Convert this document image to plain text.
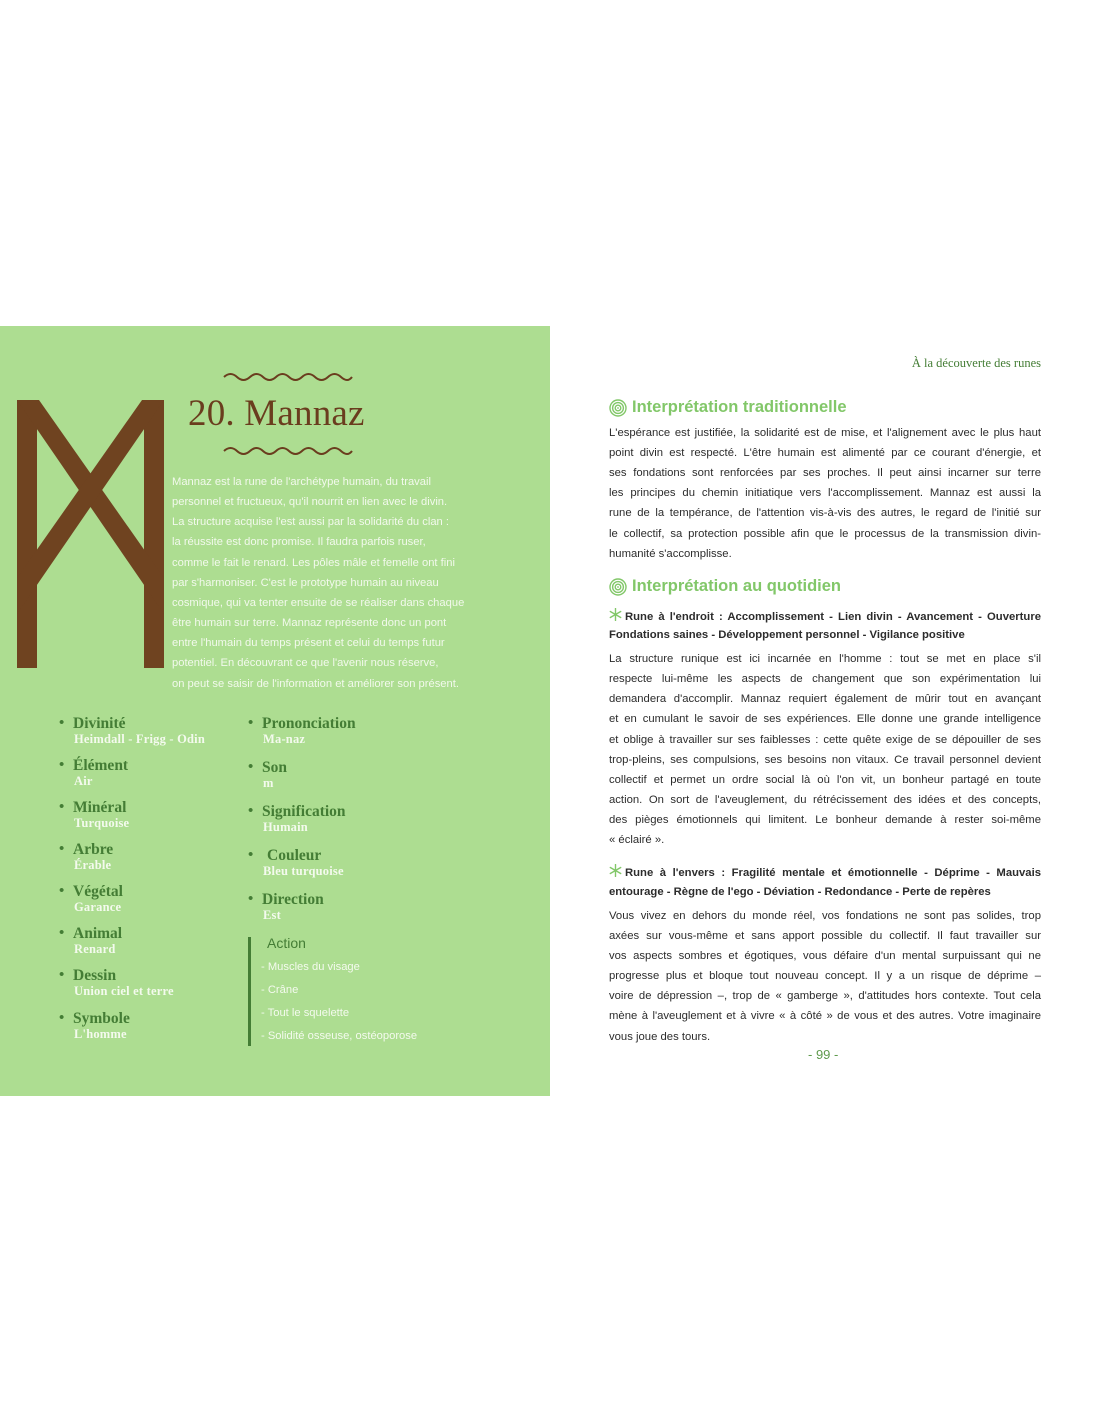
20. Mannaz
Mannaz est la rune de l'archétype humain, du travail
personnel et fructueux, qu'il nourrit en lien avec le divin.
La structure acquise l'est aussi par la solidarité du clan :
la réussite est donc promise. Il faudra parfois ruser,
comme le fait le renard. Les pôles mâle et femelle ont fini
par s'harmoniser. C'est le prototype humain au niveau
cosmique, qui va tenter ensuite de se réaliser dans chaque
être humain sur terre. Mannaz représente donc un pont
entre l'humain du temps présent et celui du temps futur
potentiel. En découvrant ce que l'avenir nous réserve,
on peut se saisir de l'information et améliorer son présent.
• Divinité
Heimdall - Frigg - Odin
• Élément
Air
• Minéral
Turquoise
• Arbre
Érable
• Végétal
Garance
• Animal
Renard
• Dessin
Union ciel et terre
• Symbole
L'homme
• Prononciation
Ma-naz
• Son
m
• Signification
Humain
• Couleur
Bleu turquoise
• Direction
Est
Action
- Muscles du visage
- Crâne
- Tout le squelette
- Solidité osseuse, ostéoporose
À la découverte des runes
Interprétation traditionnelle
L'espérance est justifiée, la solidarité est de mise, et l'alignement avec le plus haut
point divin est respecté. L'être humain est alimenté par ce courant d'énergie, et
ses fondations sont renforcées par ses proches. Il peut ainsi incarner sur terre
les principes du chemin initiatique vers l'accomplissement. Mannaz est aussi la
rune de la tempérance, de l'attention vis-à-vis des autres, le regard de l'initié sur
le collectif, sa protection possible afin que le processus de la transmission divin-
humanité s'accomplisse.
Interprétation au quotidien
Rune à l'endroit : Accomplissement - Lien divin - Avancement - Ouverture
Fondations saines - Développement personnel - Vigilance positive
La structure runique est ici incarnée en l'homme : tout se met en place s'il
respecte lui-même les aspects de changement que son expérimentation lui
demandera d'accomplir. Mannaz requiert également de mûrir tout en avançant
et en cumulant le savoir de ses expériences. Elle donne une grande intelligence
et oblige à travailler sur ses faiblesses : cette quête exige de se dépouiller de ses
trop-pleins, ses compulsions, ses besoins non vitaux. Ce travail personnel devient
collectif et permet un ordre social là où l'on vit, un bonheur partagé en toute
action. On sort de l'aveuglement, du rétrécissement des idées et des concepts,
des pièges émotionnels qui limitent. Le bonheur demande à rester soi-même
« éclairé ».
Rune à l'envers : Fragilité mentale et émotionnelle - Déprime - Mauvais
entourage - Règne de l'ego - Déviation - Redondance - Perte de repères
Vous vivez en dehors du monde réel, vos fondations ne sont pas solides, trop
axées sur vous-même et sans apport possible du collectif. Il faut travailler sur
vos aspects sombres et égotiques, vous défaire d'un mental surpuissant qui ne
progresse plus et bloque tout nouveau concept. Il y a un risque de déprime –
voire de dépression –, trop de « gamberge », d'attitudes hors contexte. Tout cela
mène à l'aveuglement et à vivre « à côté » de vous et des autres. Votre imaginaire
vous joue des tours.
- 99 -
